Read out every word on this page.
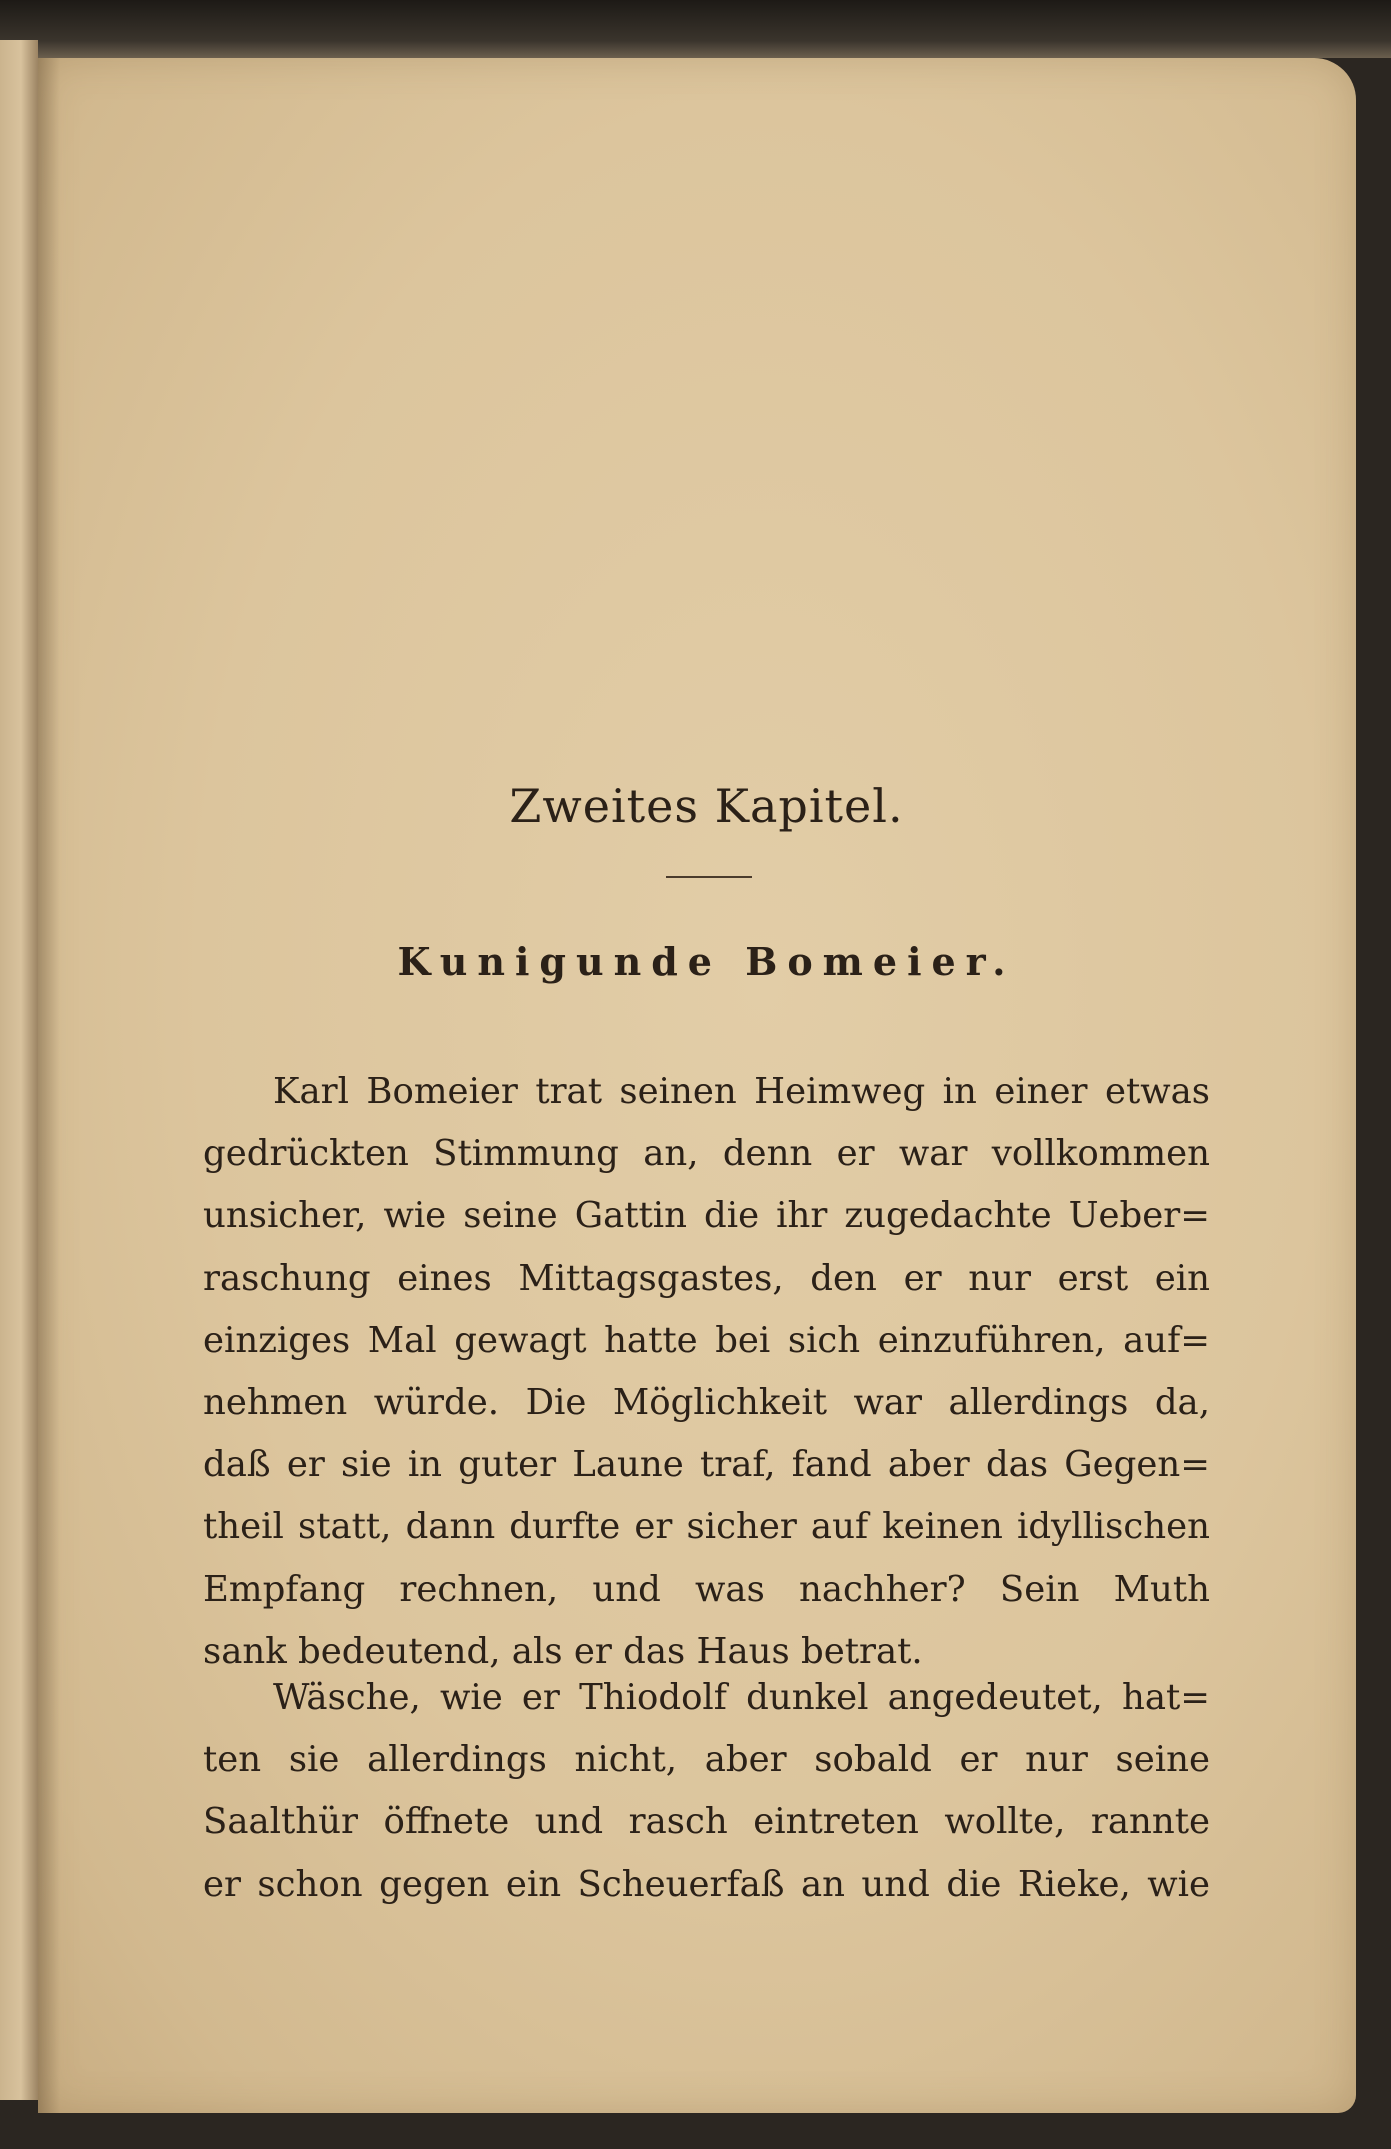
Zweites Kapitel.
Kunigunde Bomeier.

Karl Bomeier trat seinen Heimweg in einer etwas
gedrückten Stimmung an, denn er war vollkommen
unsicher, wie seine Gattin die ihr zugedachte Ueber=
raschung eines Mittagsgastes, den er nur erst ein
einziges Mal gewagt hatte bei sich einzuführen, auf=
nehmen würde. Die Möglichkeit war allerdings da,
daß er sie in guter Laune traf, fand aber das Gegen=
theil statt, dann durfte er sicher auf keinen idyllischen
Empfang rechnen, und was nachher? Sein Muth
sank bedeutend, als er das Haus betrat.

Wäsche, wie er Thiodolf dunkel angedeutet, hat=
ten sie allerdings nicht, aber sobald er nur seine
Saalthür öffnete und rasch eintreten wollte, rannte
er schon gegen ein Scheuerfaß an und die Rieke, wie
